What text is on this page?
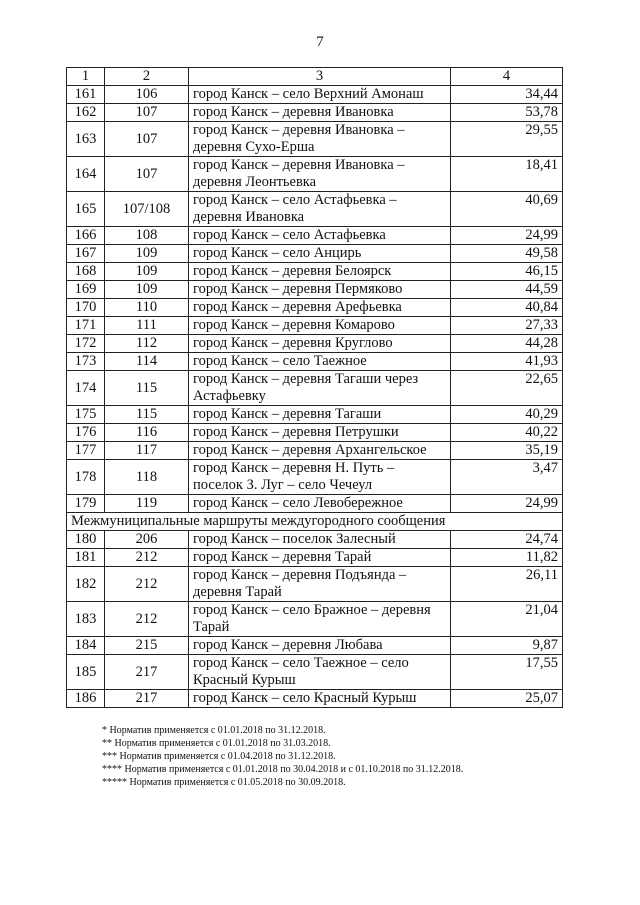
7
1	2	3	4
161	106	город Канск – село Верхний Амонаш	34,44
162	107	город Канск – деревня Ивановка	53,78
163	107	город Канск – деревня Ивановка – деревня Сухо-Ерша	29,55
164	107	город Канск – деревня Ивановка – деревня Леонтьевка	18,41
165	107/108	город Канск – село Астафьевка – деревня Ивановка	40,69
166	108	город Канск – село Астафьевка	24,99
167	109	город Канск – село Анцирь	49,58
168	109	город Канск – деревня Белоярск	46,15
169	109	город Канск – деревня Пермяково	44,59
170	110	город Канск – деревня Арефьевка	40,84
171	111	город Канск – деревня Комарово	27,33
172	112	город Канск – деревня Круглово	44,28
173	114	город Канск – село Таежное	41,93
174	115	город Канск – деревня Тагаши через Астафьевку	22,65
175	115	город Канск – деревня Тагаши	40,29
176	116	город Канск – деревня Петрушки	40,22
177	117	город Канск – деревня Архангельское	35,19
178	118	город Канск – деревня Н. Путь – поселок З. Луг – село Чечеул	3,47
179	119	город Канск – село Левобережное	24,99
Межмуниципальные маршруты междугородного сообщения			
180	206	город Канск – поселок Залесный	24,74
181	212	город Канск – деревня Тарай	11,82
182	212	город Канск – деревня Подъянда – деревня Тарай	26,11
183	212	город Канск – село Бражное – деревня Тарай	21,04
184	215	город Канск – деревня Любава	9,87
185	217	город Канск – село Таежное – село Красный Курыш	17,55
186	217	город Канск – село Красный Курыш	25,07
* Норматив применяется с 01.01.2018 по 31.12.2018.
** Норматив применяется с 01.01.2018 по 31.03.2018.
*** Норматив применяется с 01.04.2018 по 31.12.2018.
**** Норматив применяется с 01.01.2018 по 30.04.2018 и с 01.10.2018 по 31.12.2018.
***** Норматив применяется с 01.05.2018 по 30.09.2018.
